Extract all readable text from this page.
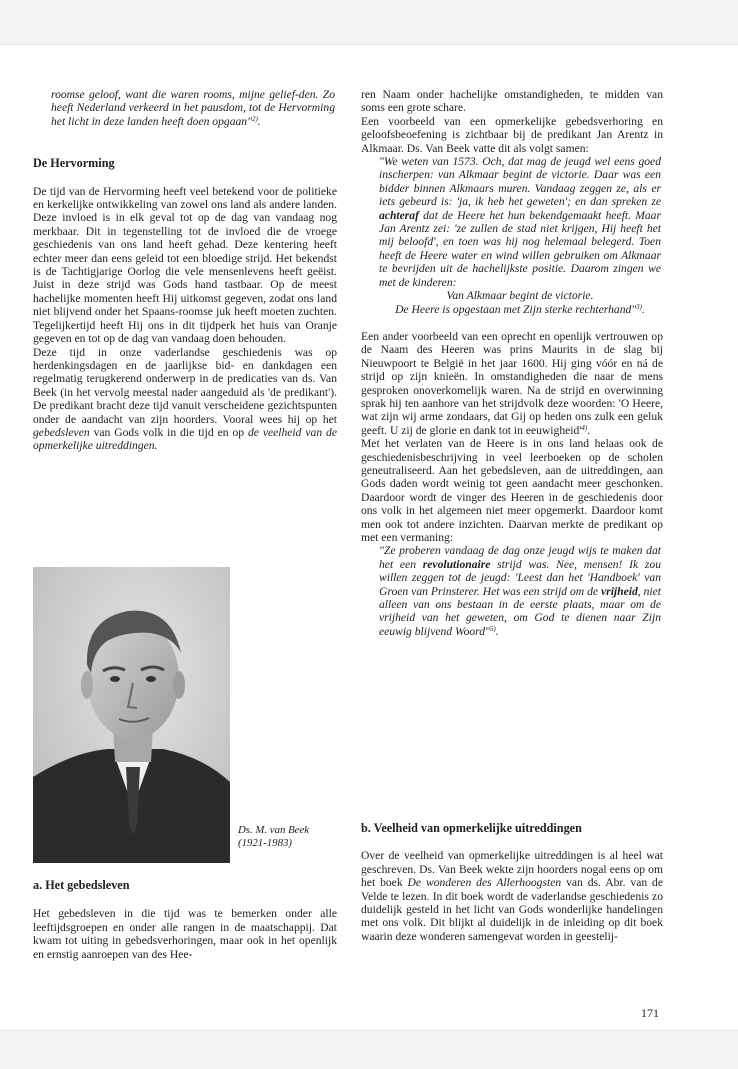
roomse geloof, want die waren rooms, mijne gelief-den. Zo heeft Nederland verkeerd in het pausdom, tot de Hervorming het licht in deze landen heeft doen opgaan"$^{2)}$.

De Hervorming

De tijd van de Hervorming heeft veel betekend voor de politieke en kerkelijke ontwikkeling van zowel ons land als andere landen. Deze invloed is in elk geval tot op de dag van vandaag nog merkbaar. Dit in tegenstelling tot de invloed die de vroege geschiedenis van ons land heeft gehad. Deze kentering heeft echter meer dan eens geleid tot een bloedige strijd. Het bekendst is de Tachtigjarige Oorlog die vele mensenlevens heeft geëist. Juist in deze strijd was Gods hand tastbaar. Op de meest hachelijke momenten heeft Hij uitkomst gegeven, zodat ons land niet blijvend onder het Spaans-roomse juk heeft moeten zuchten. Tegelijkertijd heeft Hij ons in dit tijdperk het huis van Oranje gegeven en tot op de dag van vandaag doen behouden.

Deze tijd in onze vaderlandse geschiedenis was op herdenkingsdagen en de jaarlijkse bid- en dankdagen een regelmatig terugkerend onderwerp in de predicaties van ds. Van Beek (in het vervolg meestal nader aangeduid als 'de predikant'). De predikant bracht deze tijd vanuit verscheidene gezichtspunten onder de aandacht van zijn hoorders. Vooral wees hij op het gebedsleven van Gods volk in die tijd en op de veelheid van de opmerkelijke uitreddingen.

Ds. M. van Beek
(1921-1983)
a. Het gebedsleven

Het gebedsleven in die tijd was te bemerken onder alle leeftijdsgroepen en onder alle rangen in de maatschappij. Dat kwam tot uiting in gebedsverhoringen, maar ook in het openlijk en ernstig aanroepen van des Hee-

ren Naam onder hachelijke omstandigheden, te midden van soms een grote schare.

Een voorbeeld van een opmerkelijke gebedsverhoring en geloofsbeoefening is zichtbaar bij de predikant Jan Arentz in Alkmaar. Ds. Van Beek vatte dit als volgt samen:

"We weten van 1573. Och, dat mag de jeugd wel eens goed inscherpen: van Alkmaar begint de victorie. Daar was een bidder binnen Alkmaars muren. Vandaag zeggen ze, als er iets gebeurd is: 'ja, ik heb het geweten'; en dan spreken ze achteraf dat de Heere het hun bekendgemaakt heeft. Maar Jan Arentz zei: 'ze zullen de stad niet krijgen, Hij heeft het mij beloofd', en toen was hij nog helemaal belegerd. Toen heeft de Heere water en wind willen gebruiken om Alkmaar te bevrijden uit de hachelijkste positie. Daarom zingen we met de kinderen:

Van Alkmaar begint de victorie.

De Heere is opgestaan met Zijn sterke rechterhand"$^{3)}$.

Een ander voorbeeld van een oprecht en openlijk vertrouwen op de Naam des Heeren was prins Maurits in de slag bij Nieuwpoort te België in het jaar 1600. Hij ging vóór en ná de strijd op zijn knieën. In omstandigheden die naar de mens gesproken onoverkomelijk waren. Na de strijd en overwinning sprak hij ten aanhore van het strijdvolk deze woorden: 'O Heere, wat zijn wij arme zondaars, dat Gij op heden ons zulk een geluk geeft. U zij de glorie en dank tot in $eeuwigheid'^{4)}$.

Met het verlaten van de Heere is in ons land helaas ook de geschiedenisbeschrijving in veel leerboeken op de scholen geneutraliseerd. Aan het gebedsleven, aan de uitreddingen, aan Gods daden wordt weinig tot geen aandacht meer geschonken. Daardoor wordt de vinger des Heeren in de geschiedenis door ons volk in het algemeen niet meer opgemerkt. Daardoor komt men ook tot andere inzichten. Daarvan merkte de predikant op met een vermaning:

"Ze proberen vandaag de dag onze jeugd wijs te maken dat het een revolutionaire strijd was. Nee, mensen! Ik zou willen zeggen tot de jeugd: 'Leest dan het 'Handboek' van Groen van Prinsterer. Het was een strijd om de vrijheid, niet alleen van ons bestaan in de eerste plaats, maar om de vrijheid van het geweten, om God te dienen naar Zijn eeuwig blijvend Woord"$^{5)}$.

b. Veelheid van opmerkelijke uitreddingen

Over de veelheid van opmerkelijke uitreddingen is al heel wat geschreven. Ds. Van Beek wekte zijn hoorders nogal eens op om het boek De wonderen des Allerhoogsten van ds. Abr. van de Velde te lezen. In dit boek wordt de vaderlandse geschiedenis zo duidelijk gesteld in het licht van Gods wonderlijke handelingen met ons volk. Dit blijkt al duidelijk in de inleiding op dit boek waarin deze wonderen samengevat worden in geestelij-

171
